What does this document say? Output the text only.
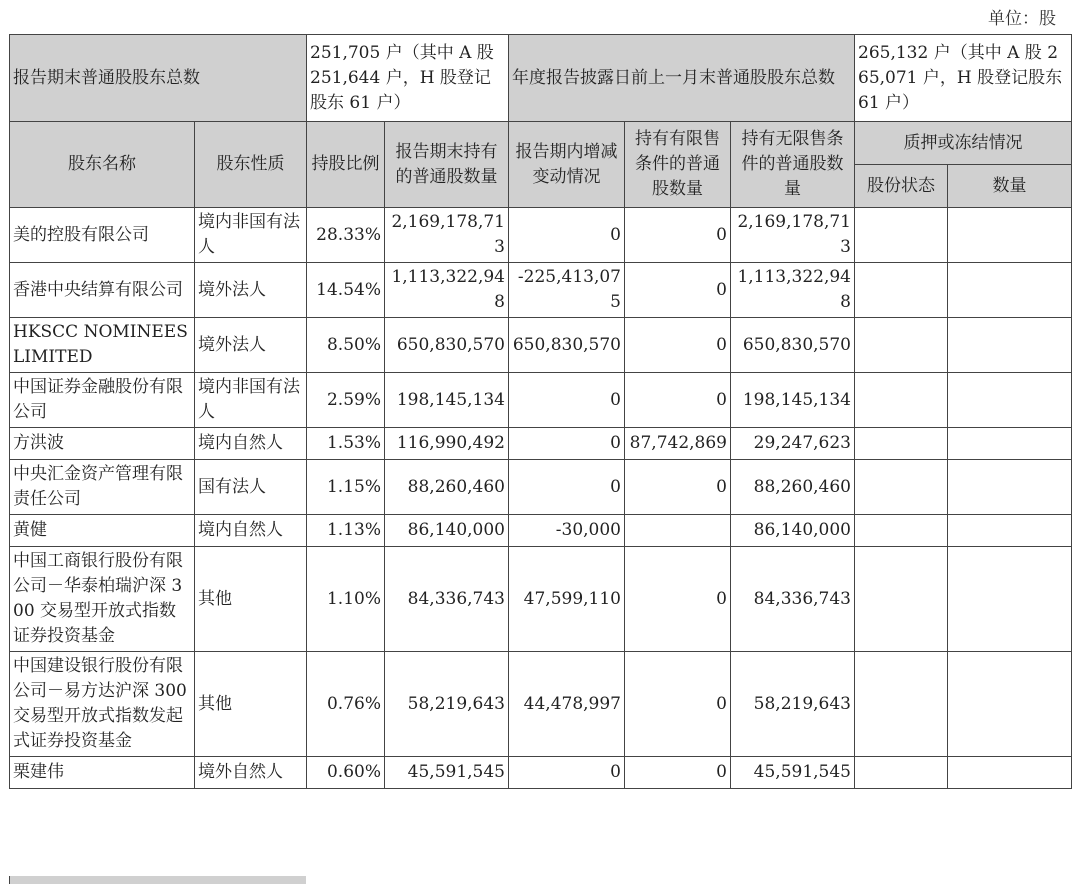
单位：股
报告期末普通股股东总数		251,705 户（其中 A 股 251,644 户，H 股登记股东 61 户）		年度报告披露日前上一月末普通股股东总数			265,132 户（其中 A 股 265,071 户，H 股登记股东 61 户）	
股东名称	股东性质	持股比例	报告期末持有的普通股数量	报告期内增减变动情况	持有有限售条件的普通股数量	持有无限售条件的普通股数量	质押或冻结情况	
							股份状态	数量
美的控股有限公司	境内非国有法人	28.33%	2,169,178,713	0	0	2,169,178,713		
香港中央结算有限公司	境外法人	14.54%	1,113,322,948	-225,413,075	0	1,113,322,948		
HKSCC NOMINEES LIMITED	境外法人	8.50%	650,830,570	650,830,570	0	650,830,570		
中国证券金融股份有限公司	境内非国有法人	2.59%	198,145,134	0	0	198,145,134		
方洪波	境内自然人	1.53%	116,990,492	0	87,742,869	29,247,623		
中央汇金资产管理有限责任公司	国有法人	1.15%	88,260,460	0	0	88,260,460		
黄健	境内自然人	1.13%	86,140,000	-30,000		86,140,000		
中国工商银行股份有限公司－华泰柏瑞沪深 300 交易型开放式指数证券投资基金	其他	1.10%	84,336,743	47,599,110	0	84,336,743		
中国建设银行股份有限公司－易方达沪深 300 交易型开放式指数发起式证券投资基金	其他	0.76%	58,219,643	44,478,997	0	58,219,643		
栗建伟	境外自然人	0.60%	45,591,545	0	0	45,591,545		
